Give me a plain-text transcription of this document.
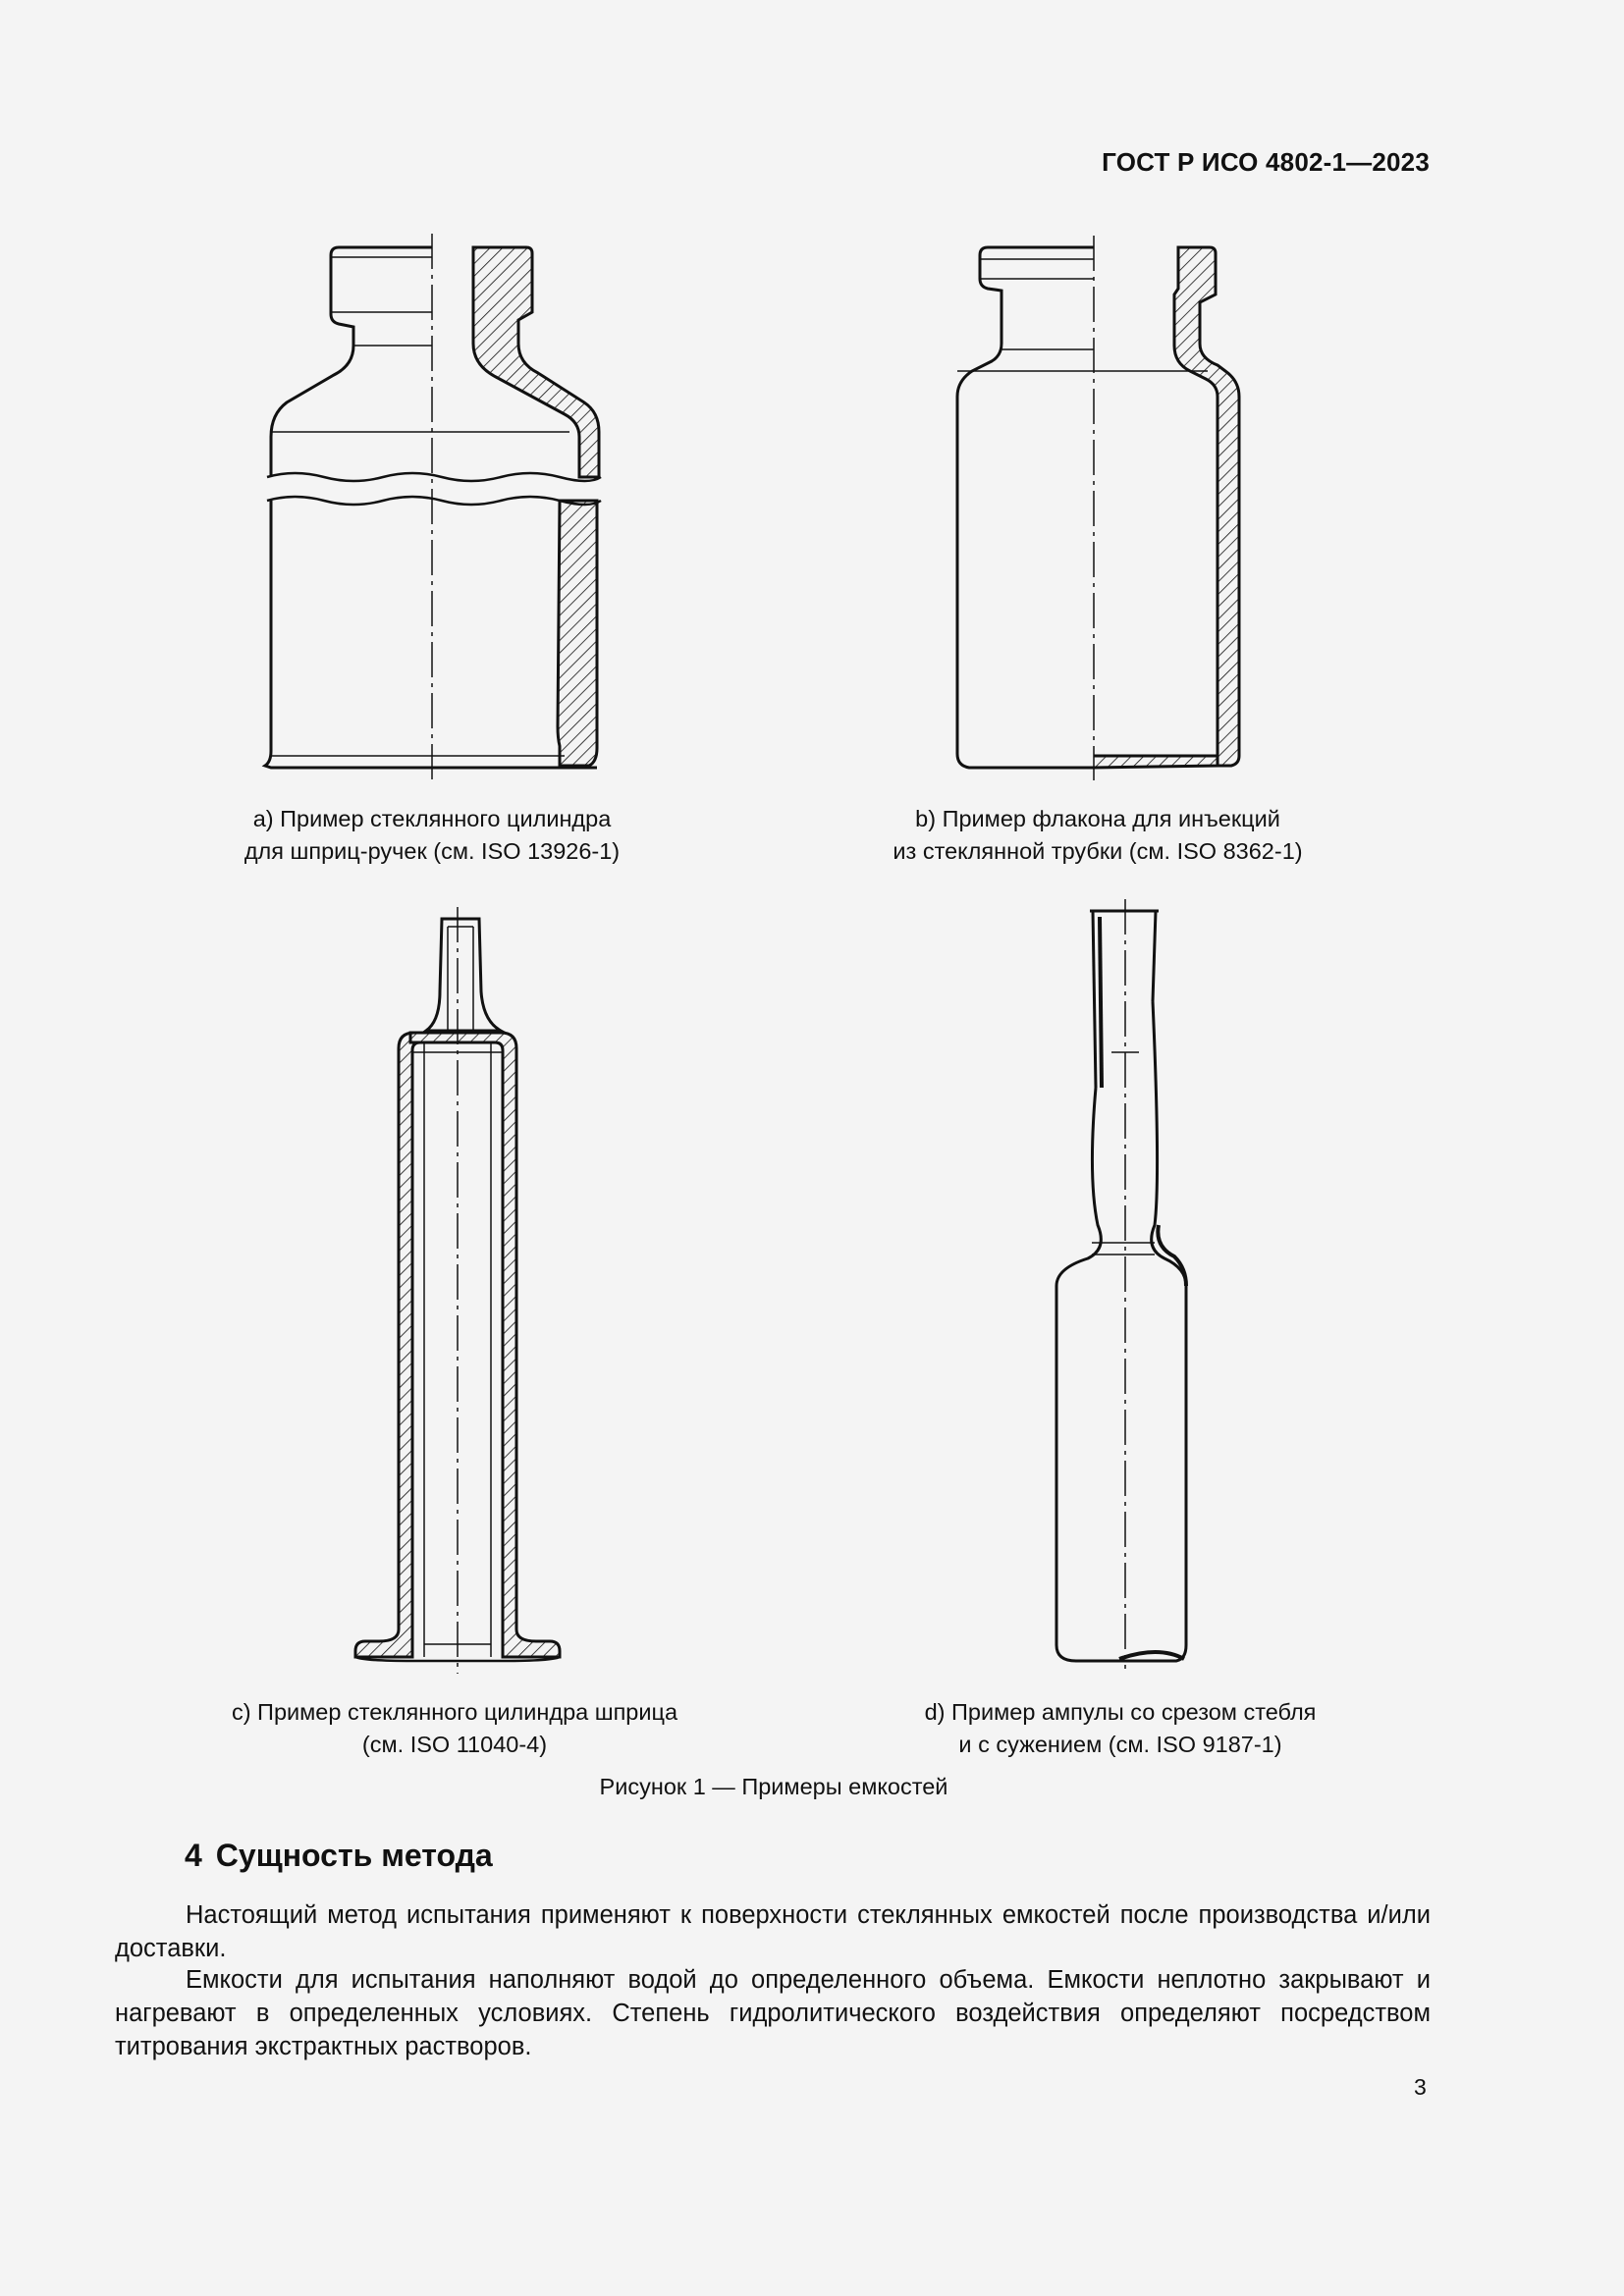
ГОСТ Р ИСО 4802-1—2023
а) Пример стеклянного цилиндра
для шприц-ручек (см. ISO 13926-1)
b) Пример флакона для инъекций
из стеклянной трубки (см. ISO 8362-1)
c) Пример стеклянного цилиндра шприца
(см. ISO 11040-4)
d) Пример ампулы со срезом стебля
и с сужением (см. ISO 9187-1)
Рисунок 1 — Примеры емкостей
4 Сущность метода

Настоящий метод испытания применяют к поверхности стеклянных емкостей после производства и/или доставки.

Емкости для испытания наполняют водой до определенного объема. Емкости неплотно закрывают и нагревают в определенных условиях. Степень гидролитического воздействия определяют посредством титрования экстрактных растворов.

3
